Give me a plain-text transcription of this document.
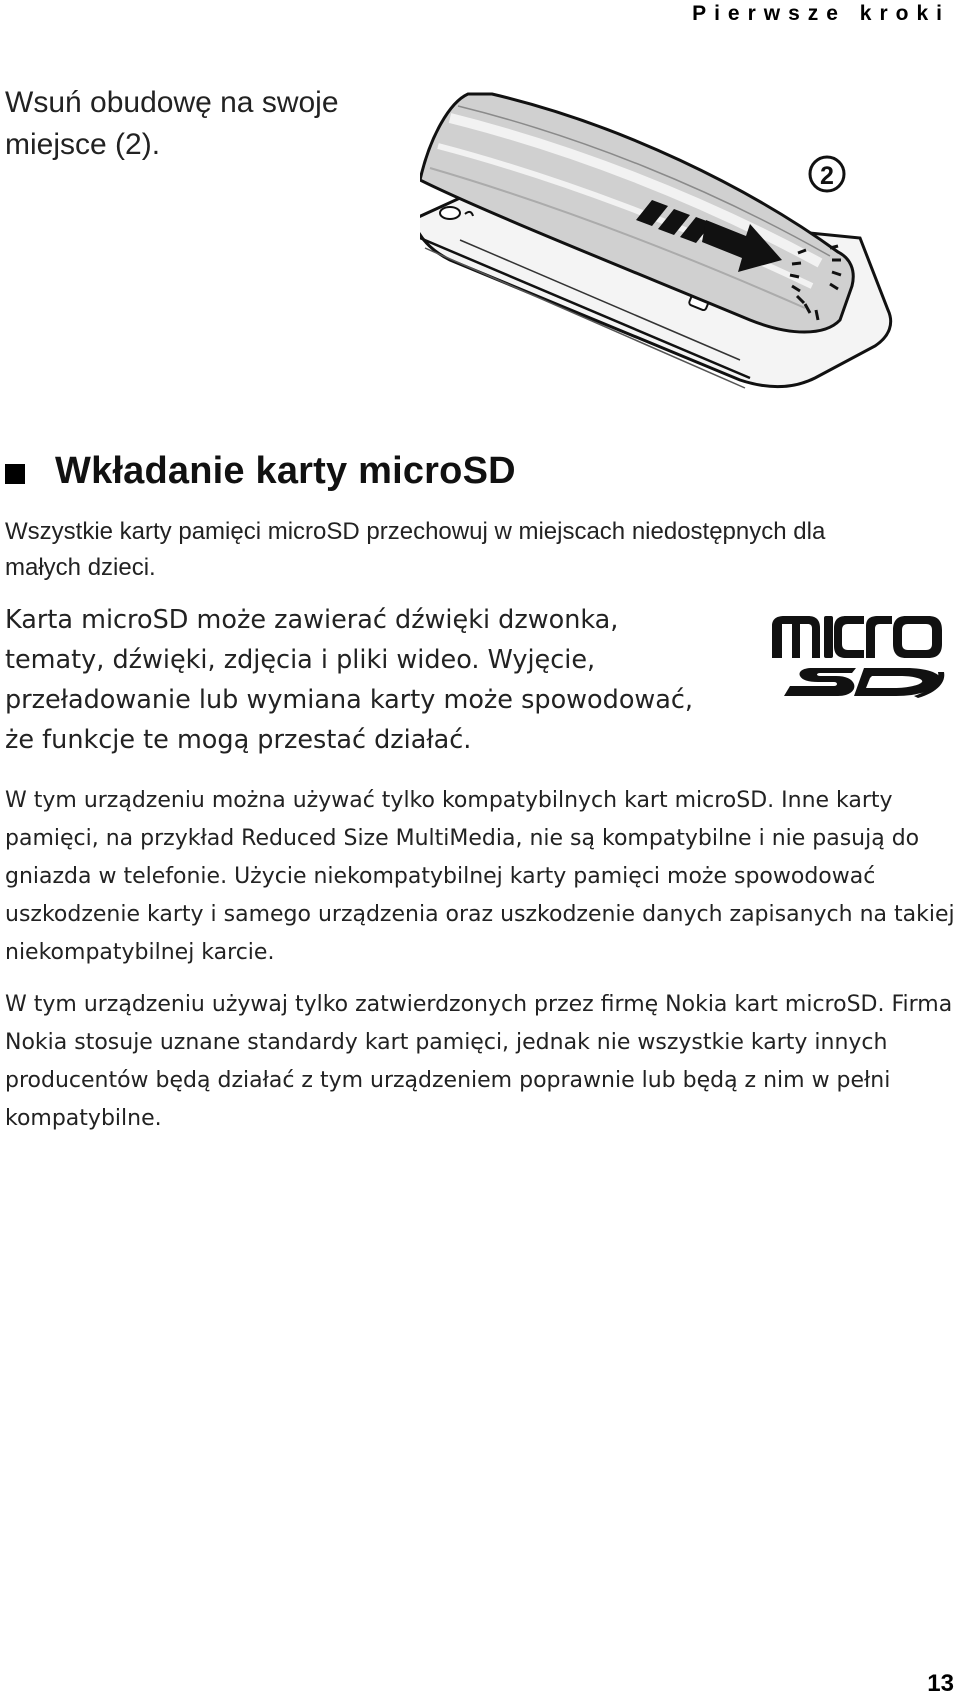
Pierwsze kroki
Wsuń obudowę na swoje miejsce (2).
2
Wkładanie karty microSD
Wszystkie karty pamięci microSD przechowuj w miejscach niedostępnych dla małych dzieci.
Karta microSD może zawierać dźwięki dzwonka, tematy, dźwięki, zdjęcia i pliki wideo. Wyjęcie, przeładowanie lub wymiana karty może spowodować, że funkcje te mogą przestać działać.
W tym urządzeniu można używać tylko kompatybilnych kart microSD. Inne karty pamięci, na przykład Reduced Size MultiMedia, nie są kompatybilne i nie pasują do gniazda w telefonie. Użycie niekompatybilnej karty pamięci może spowodować uszkodzenie karty i samego urządzenia oraz uszkodzenie danych zapisanych na takiej niekompatybilnej karcie.
W tym urządzeniu używaj tylko zatwierdzonych przez firmę Nokia kart microSD. Firma Nokia stosuje uznane standardy kart pamięci, jednak nie wszystkie karty innych producentów będą działać z tym urządzeniem poprawnie lub będą z nim w pełni kompatybilne.
13
